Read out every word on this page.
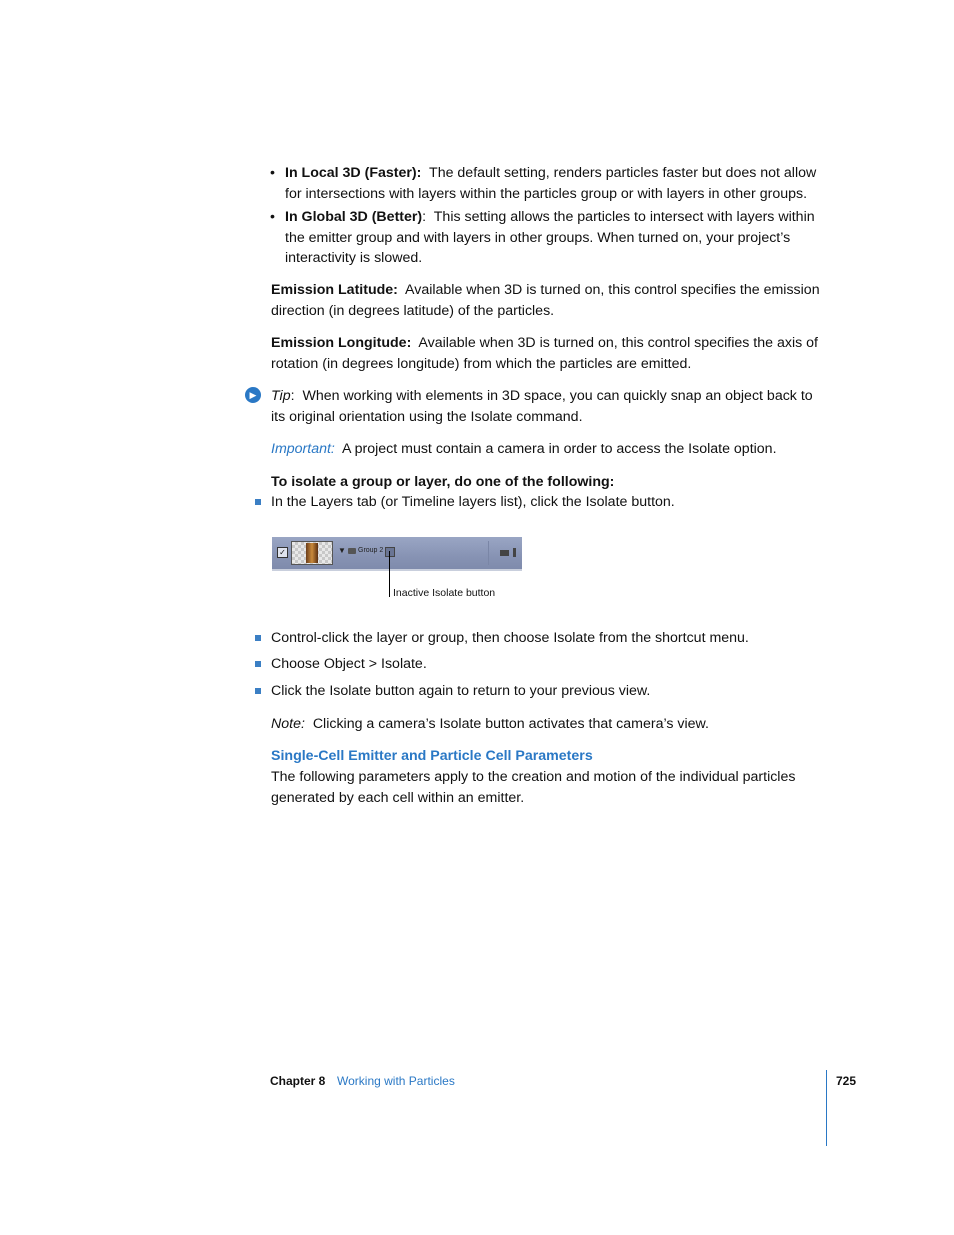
• In Local 3D (Faster): The default setting, renders particles faster but does not allow
for intersections with layers within the particles group or with layers in other groups.

• In Global 3D (Better): This setting allows the particles to intersect with layers within
the emitter group and with layers in other groups. When turned on, your project’s
interactivity is slowed.

Emission Latitude: Available when 3D is turned on, this control specifies the emission
direction (in degrees latitude) of the particles.

Emission Longitude: Available when 3D is turned on, this control specifies the axis of
rotation (in degrees longitude) from which the particles are emitted.

▶	Tip: When working with elements in 3D space, you can quickly snap an object back to
its original orientation using the Isolate command.

Important: A project must contain a camera in order to access the Isolate option.

To isolate a group or layer, do one of the following:

In the Layers tab (or Timeline layers list), click the Isolate button.

✓	▼ Group 2
Inactive Isolate button

Control-click the layer or group, then choose Isolate from the shortcut menu.

Choose Object > Isolate.

Click the Isolate button again to return to your previous view.

Note: Clicking a camera’s Isolate button activates that camera’s view.

Single-Cell Emitter and Particle Cell Parameters

The following parameters apply to the creation and motion of the individual particles
generated by each cell within an emitter.

Chapter 8 Working with Particles	725
